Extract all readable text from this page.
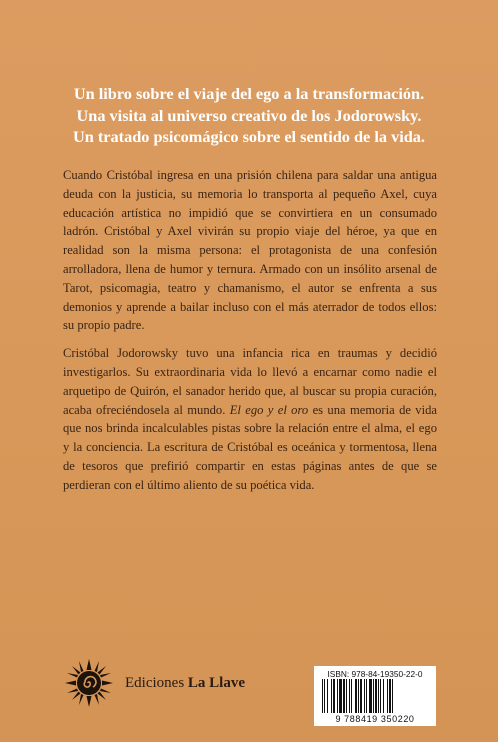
Un libro sobre el viaje del ego a la transformación.
Una visita al universo creativo de los Jodorowsky.
Un tratado psicomágico sobre el sentido de la vida.

Cuando Cristóbal ingresa en una prisión chilena para saldar una antigua deuda con la justicia, su memoria lo transporta al pequeño Axel, cuya educación artística no impidió que se convirtiera en un consumado ladrón. Cristóbal y Axel vivirán su propio viaje del héroe, ya que en realidad son la misma persona: el protagonista de una confesión arrolladora, llena de humor y ternura. Armado con un insólito arsenal de Tarot, psicomagia, teatro y chamanismo, el autor se enfrenta a sus demonios y aprende a bailar incluso con el más aterrador de todos ellos: su propio padre.

Cristóbal Jodorowsky tuvo una infancia rica en traumas y decidió investigarlos. Su extraordinaria vida lo llevó a encarnar como nadie el arquetipo de Quirón, el sanador herido que, al buscar su propia curación, acaba ofreciéndosela al mundo. El ego y el oro es una memoria de vida que nos brinda incalculables pistas sobre la relación entre el alma, el ego y la conciencia. La escritura de Cristóbal es oceánica y tormentosa, llena de tesoros que prefirió compartir en estas páginas antes de que se perdieran con el último aliento de su poética vida.

Ediciones La Llave
ISBN: 978-84-19350-22-0
9 788419 350220
